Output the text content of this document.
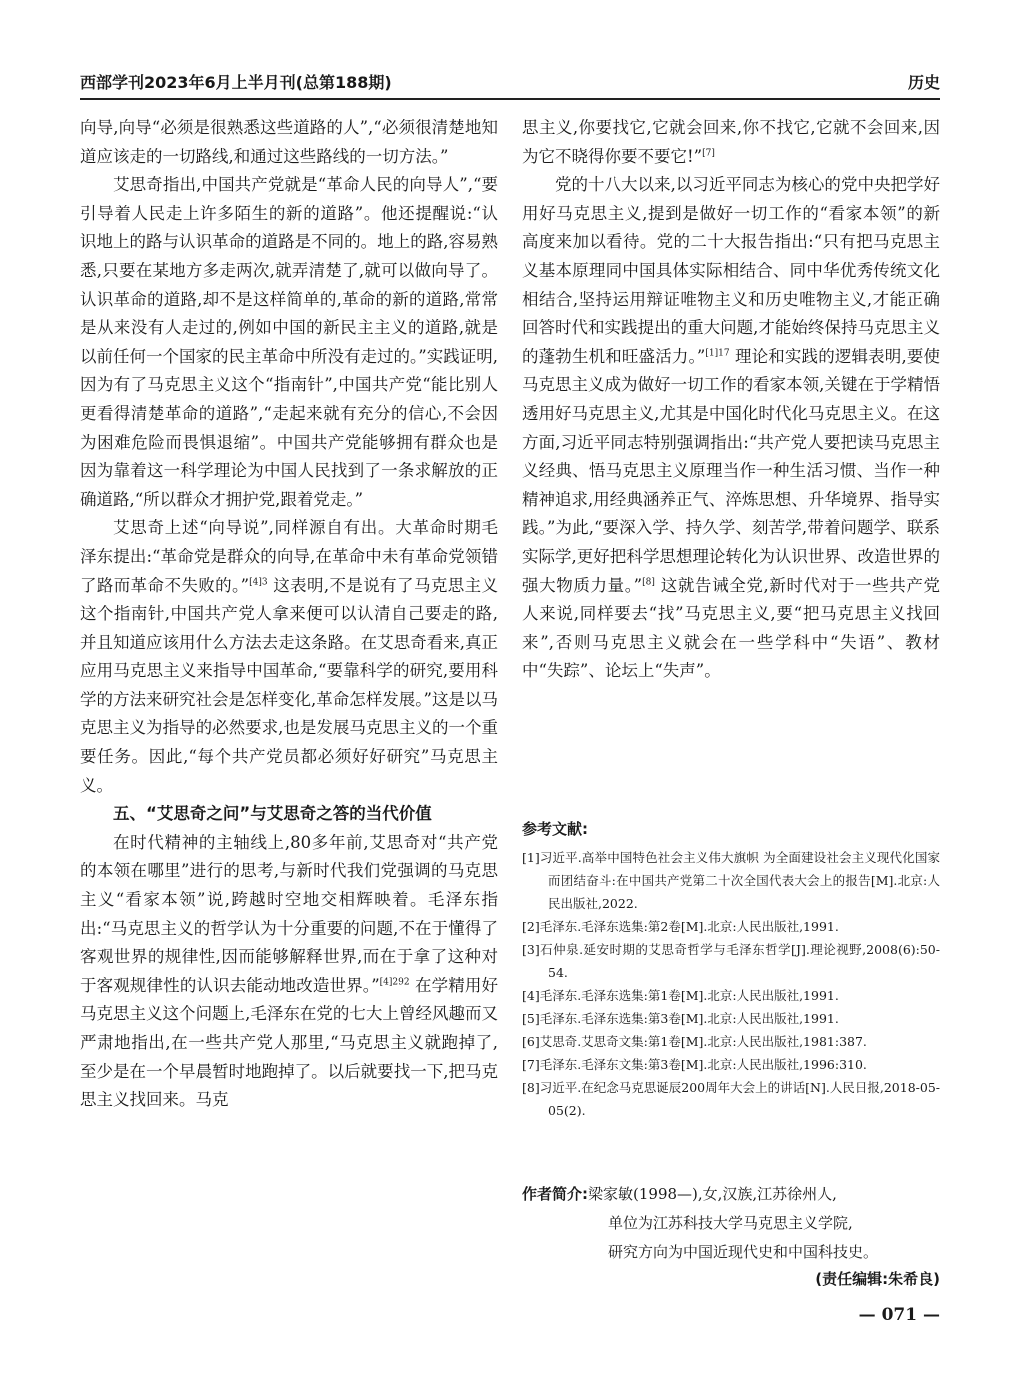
西部学刊2023年6月上半月刊(总第188期)	历史

向导,向导“必须是很熟悉这些道路的人”,“必须很清楚地知道应该走的一切路线,和通过这些路线的一切方法。”

艾思奇指出,中国共产党就是“革命人民的向导人”,“要引导着人民走上许多陌生的新的道路”。他还提醒说:“认识地上的路与认识革命的道路是不同的。地上的路,容易熟悉,只要在某地方多走两次,就弄清楚了,就可以做向导了。认识革命的道路,却不是这样简单的,革命的新的道路,常常是从来没有人走过的,例如中国的新民主主义的道路,就是以前任何一个国家的民主革命中所没有走过的。”实践证明,因为有了马克思主义这个“指南针”,中国共产党“能比别人更看得清楚革命的道路”,“走起来就有充分的信心,不会因为困难危险而畏惧退缩”。中国共产党能够拥有群众也是因为靠着这一科学理论为中国人民找到了一条求解放的正确道路,“所以群众才拥护党,跟着党走。”

艾思奇上述“向导说”,同样源自有出。大革命时期毛泽东提出:“革命党是群众的向导,在革命中未有革命党领错了路而革命不失败的。”$^{[4]3}$ 这表明,不是说有了马克思主义这个指南针,中国共产党人拿来便可以认清自己要走的路,并且知道应该用什么方法去走这条路。在艾思奇看来,真正应用马克思主义来指导中国革命,“要靠科学的研究,要用科学的方法来研究社会是怎样变化,革命怎样发展。”这是以马克思主义为指导的必然要求,也是发展马克思主义的一个重要任务。因此,“每个共产党员都必须好好研究”马克思主义。

五、“艾思奇之问”与艾思奇之答的当代价值

在时代精神的主轴线上,80多年前,艾思奇对“共产党的本领在哪里”进行的思考,与新时代我们党强调的马克思主义“看家本领”说,跨越时空地交相辉映着。毛泽东指出:“马克思主义的哲学认为十分重要的问题,不在于懂得了客观世界的规律性,因而能够解释世界,而在于拿了这种对于客观规律性的认识去能动地改造世界。”$^{[4]292}$ 在学精用好马克思主义这个问题上,毛泽东在党的七大上曾经风趣而又严肃地指出,在一些共产党人那里,“马克思主义就跑掉了,至少是在一个早晨暂时地跑掉了。以后就要找一下,把马克思主义找回来。马克

思主义,你要找它,它就会回来,你不找它,它就不会回来,因为它不晓得你要不要它!”[7]

党的十八大以来,以习近平同志为核心的党中央把学好用好马克思主义,提到是做好一切工作的“看家本领”的新高度来加以看待。党的二十大报告指出:“只有把马克思主义基本原理同中国具体实际相结合、同中华优秀传统文化相结合,坚持运用辩证唯物主义和历史唯物主义,才能正确回答时代和实践提出的重大问题,才能始终保持马克思主义的蓬勃生机和旺盛活力。”$^{[1]17}$ 理论和实践的逻辑表明,要使马克思主义成为做好一切工作的看家本领,关键在于学精悟透用好马克思主义,尤其是中国化时代化马克思主义。在这方面,习近平同志特别强调指出:“共产党人要把读马克思主义经典、悟马克思主义原理当作一种生活习惯、当作一种精神追求,用经典涵养正气、淬炼思想、升华境界、指导实践。”为此,“要深入学、持久学、刻苦学,带着问题学、联系实际学,更好把科学思想理论转化为认识世界、改造世界的强大物质力量。”[8] 这就告诫全党,新时代对于一些共产党人来说,同样要去“找”马克思主义,要“把马克思主义找回来”,否则马克思主义就会在一些学科中“失语”、教材中“失踪”、论坛上“失声”。

参考文献:
[1]习近平.高举中国特色社会主义伟大旗帜 为全面建设社会主义现代化国家而团结奋斗:在中国共产党第二十次全国代表大会上的报告[M].北京:人民出版社,2022.
[2]毛泽东.毛泽东选集:第2卷[M].北京:人民出版社,1991.
[3]石仲泉.延安时期的艾思奇哲学与毛泽东哲学[J].理论视野,2008(6):50-54.
[4]毛泽东.毛泽东选集:第1卷[M].北京:人民出版社,1991.
[5]毛泽东.毛泽东选集:第3卷[M].北京:人民出版社,1991.
[6]艾思奇.艾思奇文集:第1卷[M].北京:人民出版社,1981:387.
[7]毛泽东.毛泽东文集:第3卷[M].北京:人民出版社,1996:310.
[8]习近平.在纪念马克思诞辰200周年大会上的讲话[N].人民日报,2018-05-05(2).
作者简介:梁家敏(1998—),女,汉族,江苏徐州人,
单位为江苏科技大学马克思主义学院,
研究方向为中国近现代史和中国科技史。
(责任编辑:朱希良)
— 071 —
